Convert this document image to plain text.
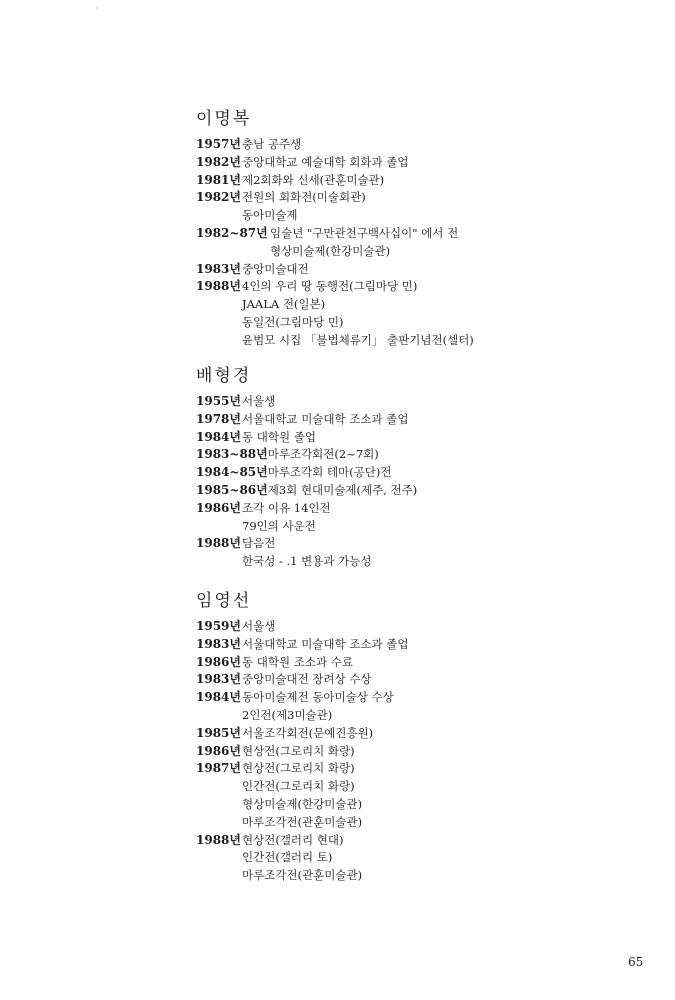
·
이명복
1957년 충남 공주생
1982년 중앙대학교 예술대학 회화과 졸업
1981년 제2회화와 신세(관훈미술관)
1982년 전원의 회화전(미술회관)
동아미술제
1982~87년 임술년 "구만관천구백사십이" 에서 전
형상미술제(한강미술관)
1983년 중앙미술대전
1988년 4인의 우리 땅 동행전(그림마당 민)
JAALA 전(일본)
동일전(그림마당 민)
윤범모 시집 「불법체류기」 출판기념전(셀터)
배형경
1955년 서울생
1978년 서울대학교 미술대학 조소과 졸업
1984년 동 대학원 졸업
1983~88년 마루조각회전(2~7회)
1984~85년 마루조각회 테마(공단)전
1985~86년 제3회 현대미술제(제주, 전주)
1986년 조각 이유 14인전
79인의 사운전
1988년 담음전
한국성 - .1 변용과 가능성
임영선
1959년 서울생
1983년 서울대학교 미술대학 조소과 졸업
1986년 동 대학원 조소과 수료
1983년 중앙미술대전 장려상 수상
1984년 동아미술제전 동아미술상 수상
2인전(제3미술관)
1985년 서울조각회전(문예진흥원)
1986년 현상전(그로리치 화랑)
1987년 현상전(그로리치 화랑)
인간전(그로리치 화랑)
형상미술제(한강미술관)
마루조각전(관훈미술관)
1988년 현상전(갤러리 현대)
인간전(갤러리 토)
마루조각전(관훈미술관)
65
